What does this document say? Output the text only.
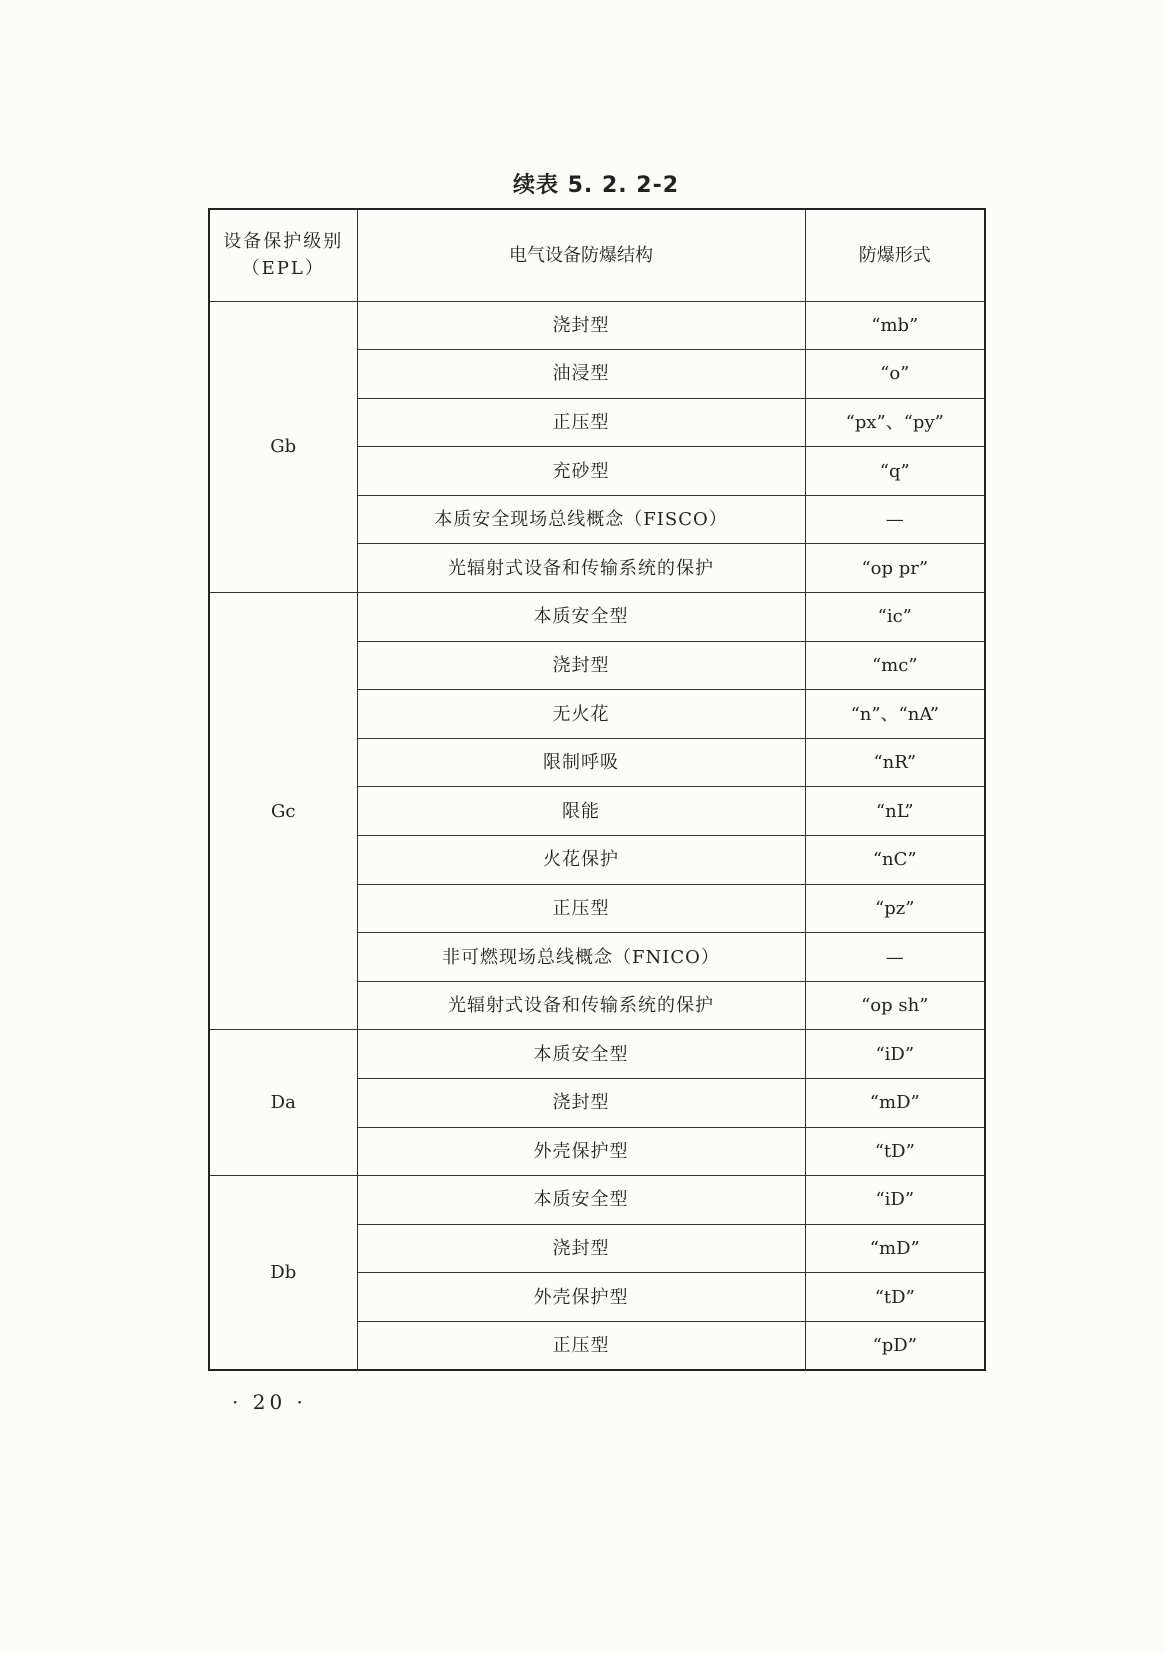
续表 5. 2. 2-2
设备保护级别
（EPL）	电气设备防爆结构	防爆形式
Gb	浇封型	“mb”
	油浸型	“o”
	正压型	“px”、“py”
	充砂型	“q”
	本质安全现场总线概念（FISCO）	—
	光辐射式设备和传输系统的保护	“op pr”
Gc	本质安全型	“ic”
	浇封型	“mc”
	无火花	“n”、“nA”
	限制呼吸	“nR”
	限能	“nL”
	火花保护	“nC”
	正压型	“pz”
	非可燃现场总线概念（FNICO）	—
	光辐射式设备和传输系统的保护	“op sh”
Da	本质安全型	“iD”
	浇封型	“mD”
	外壳保护型	“tD”
Db	本质安全型	“iD”
	浇封型	“mD”
	外壳保护型	“tD”
	正压型	“pD”
· 20 ·
